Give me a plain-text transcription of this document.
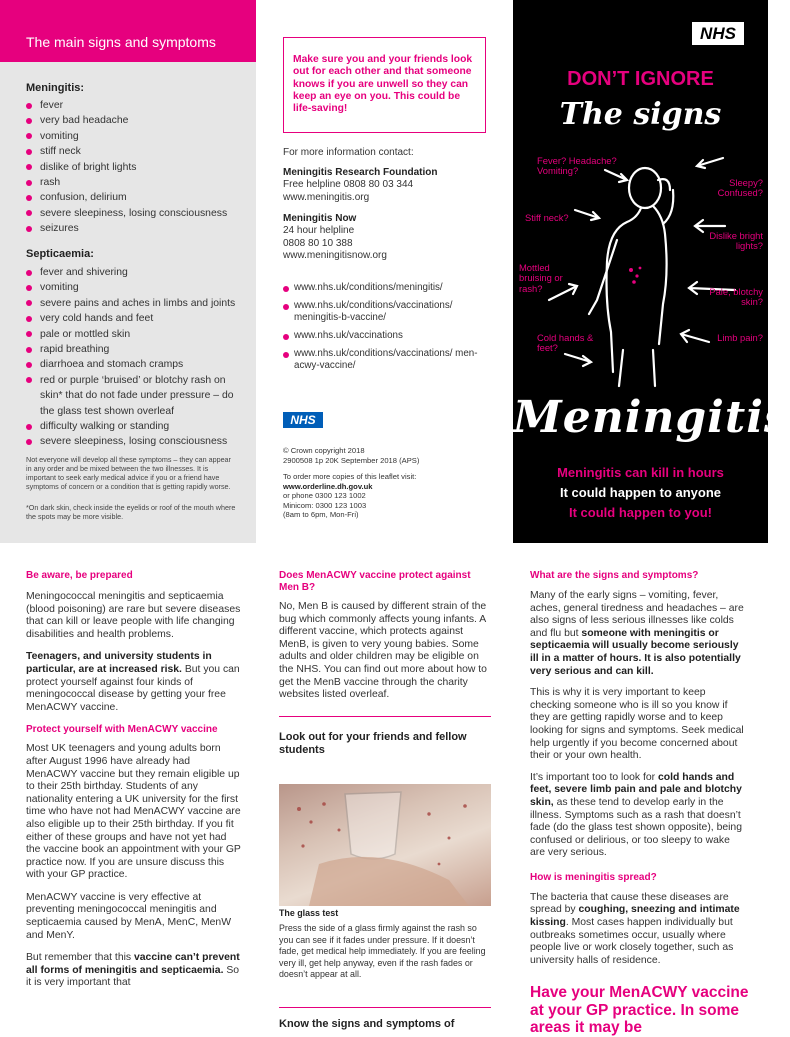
The main signs and symptoms
Meningitis:
fever
very bad headache
vomiting
stiff neck
dislike of bright lights
rash
confusion, delirium
severe sleepiness, losing consciousness
seizures
Septicaemia:
fever and shivering
vomiting
severe pains and aches in limbs and joints
very cold hands and feet
pale or mottled skin
rapid breathing
diarrhoea and stomach cramps
red or purple ‘bruised’ or blotchy rash on skin* that do not fade under pressure – do the glass test shown overleaf
difficulty walking or standing
severe sleepiness, losing consciousness
Not everyone will develop all these symptoms – they can appear in any order and be mixed between the two illnesses. It is important to seek early medical advice if you or a friend have symptoms of concern or a condition that is getting rapidly worse.
*On dark skin, check inside the eyelids or roof of the mouth where the spots may be more visible.
Make sure you and your friends look out for each other and that someone knows if you are unwell so they can keep an eye on you. This could be life-saving!
For more information contact:
Meningitis Research Foundation
Free helpline 0808 80 03 344
www.meningitis.org
Meningitis Now
24 hour helpline
0808 80 10 388
www.meningitisnow.org
www.nhs.uk/conditions/meningitis/
www.nhs.uk/conditions/vaccinations/ meningitis-b-vaccine/
www.nhs.uk/vaccinations
www.nhs.uk/conditions/vaccinations/ men-acwy-vaccine/
NHS
© Crown copyright 2018
2900508 1p 20K September 2018 (APS)
To order more copies of this leaflet visit:
www.orderline.dh.gov.uk
or phone 0300 123 1002
Minicom: 0300 123 1003
(8am to 6pm, Mon-Fri)
NHS
DON’T IGNORE
The signs
Fever? Headache? Vomiting?
Sleepy? Confused?
Stiff neck?
Dislike bright lights?
Mottled bruising or rash?	Pale, blotchy skin?
Cold hands & feet?
Limb pain?
Meningitis
Meningitis can kill in hours
It could happen to anyone
It could happen to you!
Be aware, be prepared

Meningococcal meningitis and septicaemia (blood poisoning) are rare but severe diseases that can kill or leave people with life changing disabilities and health problems.

Teenagers, and university students in particular, are at increased risk. But you can protect yourself against four kinds of meningococcal disease by getting your free MenACWY vaccine.

Protect yourself with MenACWY vaccine

Most UK teenagers and young adults born after August 1996 have already had MenACWY vaccine but they remain eligible up to their 25th birthday. Students of any nationality entering a UK university for the first time who have not had MenACWY vaccine are also eligible up to their 25th birthday. If you fit either of these groups and have not yet had the vaccine book an appointment with your GP practice now. If you are unsure discuss this with your GP practice.

MenACWY vaccine is very effective at preventing meningococcal meningitis and septicaemia caused by MenA, MenC, MenW and MenY.

But remember that this vaccine can’t prevent all forms of meningitis and septicaemia. So it is very important that

Does MenACWY vaccine protect against Men B?

No, Men B is caused by different strain of the bug which commonly affects young infants. A different vaccine, which protects against MenB, is given to very young babies. Some adults and older children may be eligible on the NHS. You can find out more about how to get the MenB vaccine through the charity websites listed overleaf.

Look out for your friends and fellow students
The glass test

Press the side of a glass firmly against the rash so you can see if it fades under pressure. If it doesn’t fade, get medical help immediately. If you are feeling very ill, get help anyway, even if the rash fades or doesn’t appear at all.

Know the signs and symptoms of
What are the signs and symptoms?

Many of the early signs – vomiting, fever, aches, general tiredness and headaches – are also signs of less serious illnesses like colds and flu but someone with meningitis or septicaemia will usually become seriously ill in a matter of hours. It is also potentially very serious and can kill.

This is why it is very important to keep checking someone who is ill so you know if they are getting rapidly worse and to keep looking for signs and symptoms. Seek medical help urgently if you become concerned about their or your own health.

It’s important too to look for cold hands and feet, severe limb pain and pale and blotchy skin, as these tend to develop early in the illness. Symptoms such as a rash that doesn’t fade (do the glass test shown opposite), being confused or delirious, or too sleepy to wake are very serious.

How is meningitis spread?

The bacteria that cause these diseases are spread by coughing, sneezing and intimate kissing. Most cases happen individually but outbreaks sometimes occur, usually where people live or work closely together, such as university halls of residence.

Have your MenACWY vaccine at your GP practice. In some areas it may be
